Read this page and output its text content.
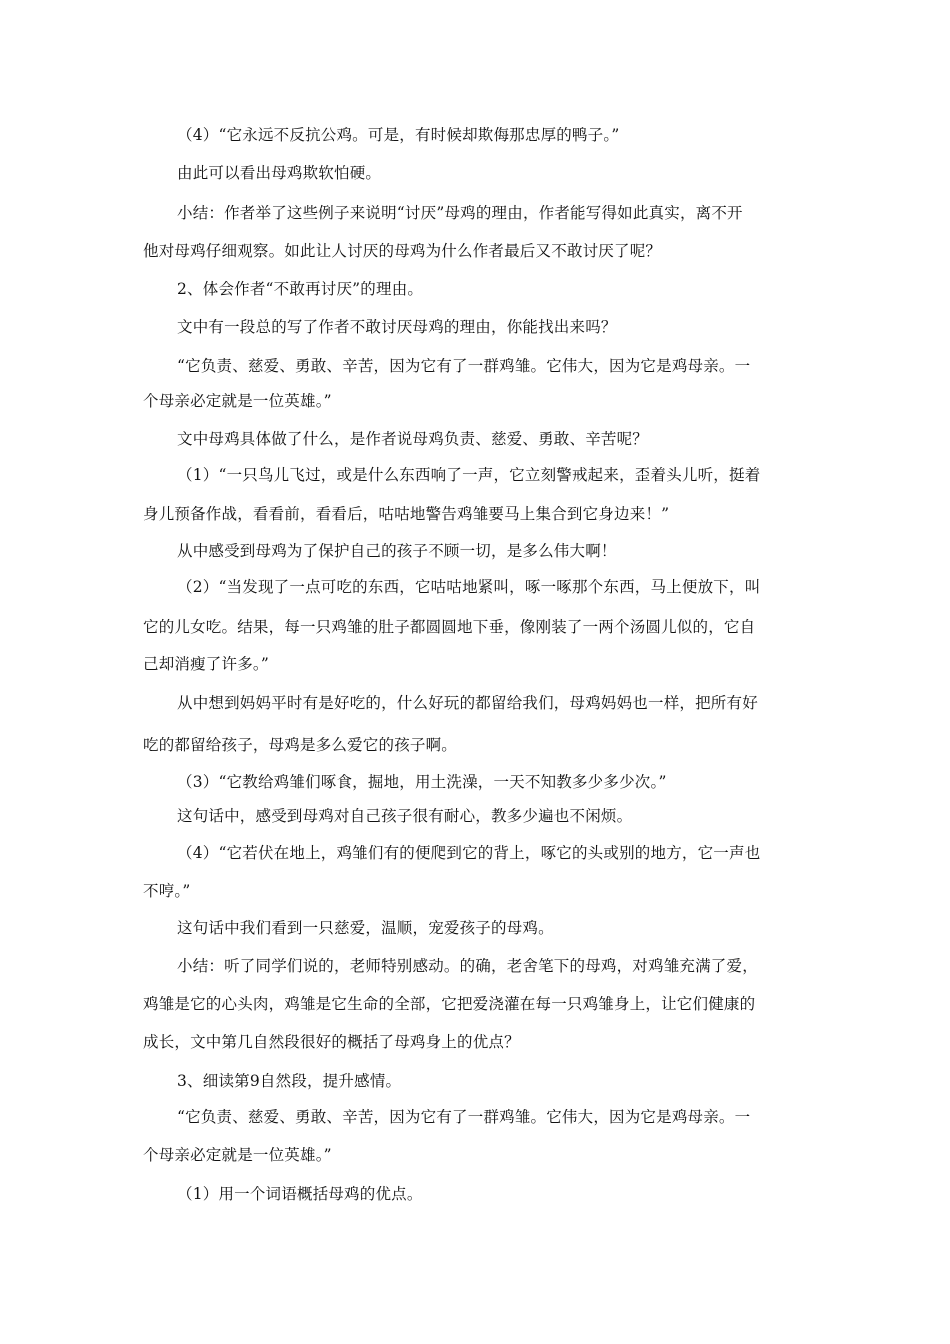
（4）“它永远不反抗公鸡。可是，有时候却欺侮那忠厚的鸭子。”
由此可以看出母鸡欺软怕硬。
小结：作者举了这些例子来说明“讨厌”母鸡的理由，作者能写得如此真实，离不开
他对母鸡仔细观察。如此让人讨厌的母鸡为什么作者最后又不敢讨厌了呢？
2、体会作者“不敢再讨厌”的理由。
文中有一段总的写了作者不敢讨厌母鸡的理由，你能找出来吗？
“它负责、慈爱、勇敢、辛苦，因为它有了一群鸡雏。它伟大，因为它是鸡母亲。一
个母亲必定就是一位英雄。”
文中母鸡具体做了什么，是作者说母鸡负责、慈爱、勇敢、辛苦呢？
（1）“一只鸟儿飞过，或是什么东西响了一声，它立刻警戒起来，歪着头儿听，挺着
身儿预备作战，看看前，看看后，咕咕地警告鸡雏要马上集合到它身边来！”
从中感受到母鸡为了保护自己的孩子不顾一切，是多么伟大啊！
（2）“当发现了一点可吃的东西，它咕咕地紧叫，啄一啄那个东西，马上便放下，叫
它的儿女吃。结果，每一只鸡雏的肚子都圆圆地下垂，像刚装了一两个汤圆儿似的，它自
己却消瘦了许多。”
从中想到妈妈平时有是好吃的，什么好玩的都留给我们，母鸡妈妈也一样，把所有好
吃的都留给孩子，母鸡是多么爱它的孩子啊。
（3）“它教给鸡雏们啄食，掘地，用土洗澡，一天不知教多少多少次。”
这句话中，感受到母鸡对自己孩子很有耐心，教多少遍也不闲烦。
（4）“它若伏在地上，鸡雏们有的便爬到它的背上，啄它的头或别的地方，它一声也
不哼。”
这句话中我们看到一只慈爱，温顺，宠爱孩子的母鸡。
小结：听了同学们说的，老师特别感动。的确，老舍笔下的母鸡，对鸡雏充满了爱，
鸡雏是它的心头肉，鸡雏是它生命的全部，它把爱浇灌在每一只鸡雏身上，让它们健康的
成长，文中第几自然段很好的概括了母鸡身上的优点？
3、细读第9自然段，提升感情。
“它负责、慈爱、勇敢、辛苦，因为它有了一群鸡雏。它伟大，因为它是鸡母亲。一
个母亲必定就是一位英雄。”
（1）用一个词语概括母鸡的优点。
